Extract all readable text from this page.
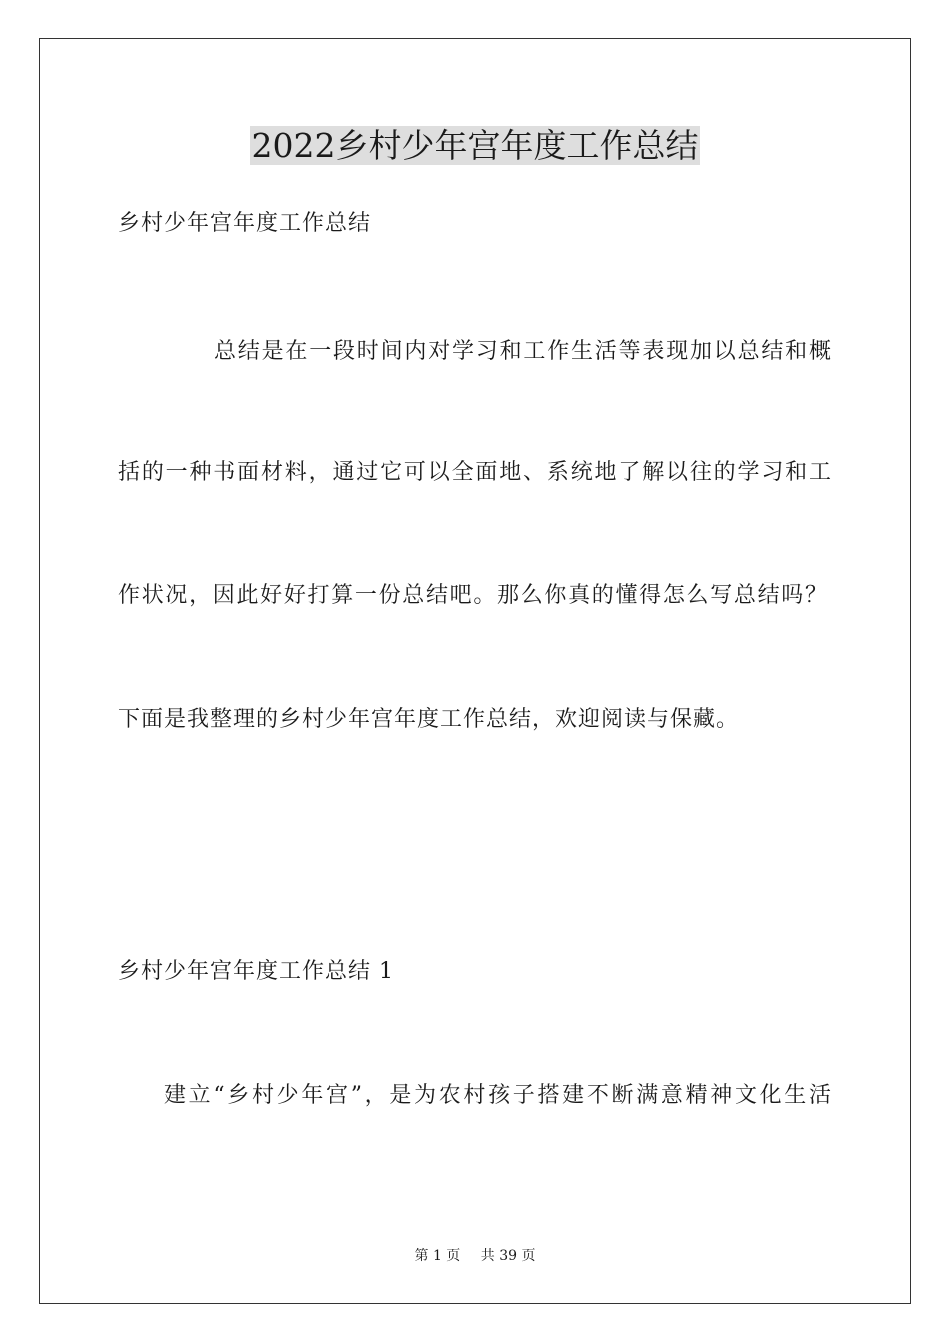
2022乡村少年宫年度工作总结
乡村少年宫年度工作总结
总结是在一段时间内对学习和工作生活等表现加以总结和概
括的一种书面材料，通过它可以全面地、系统地了解以往的学习和工
作状况，因此好好打算一份总结吧。那么你真的懂得怎么写总结吗？
下面是我整理的乡村少年宫年度工作总结，欢迎阅读与保藏。
乡村少年宫年度工作总结 1
建立“乡村少年宫”，是为农村孩子搭建不断满意精神文化生活
第 1 页 共 39 页
